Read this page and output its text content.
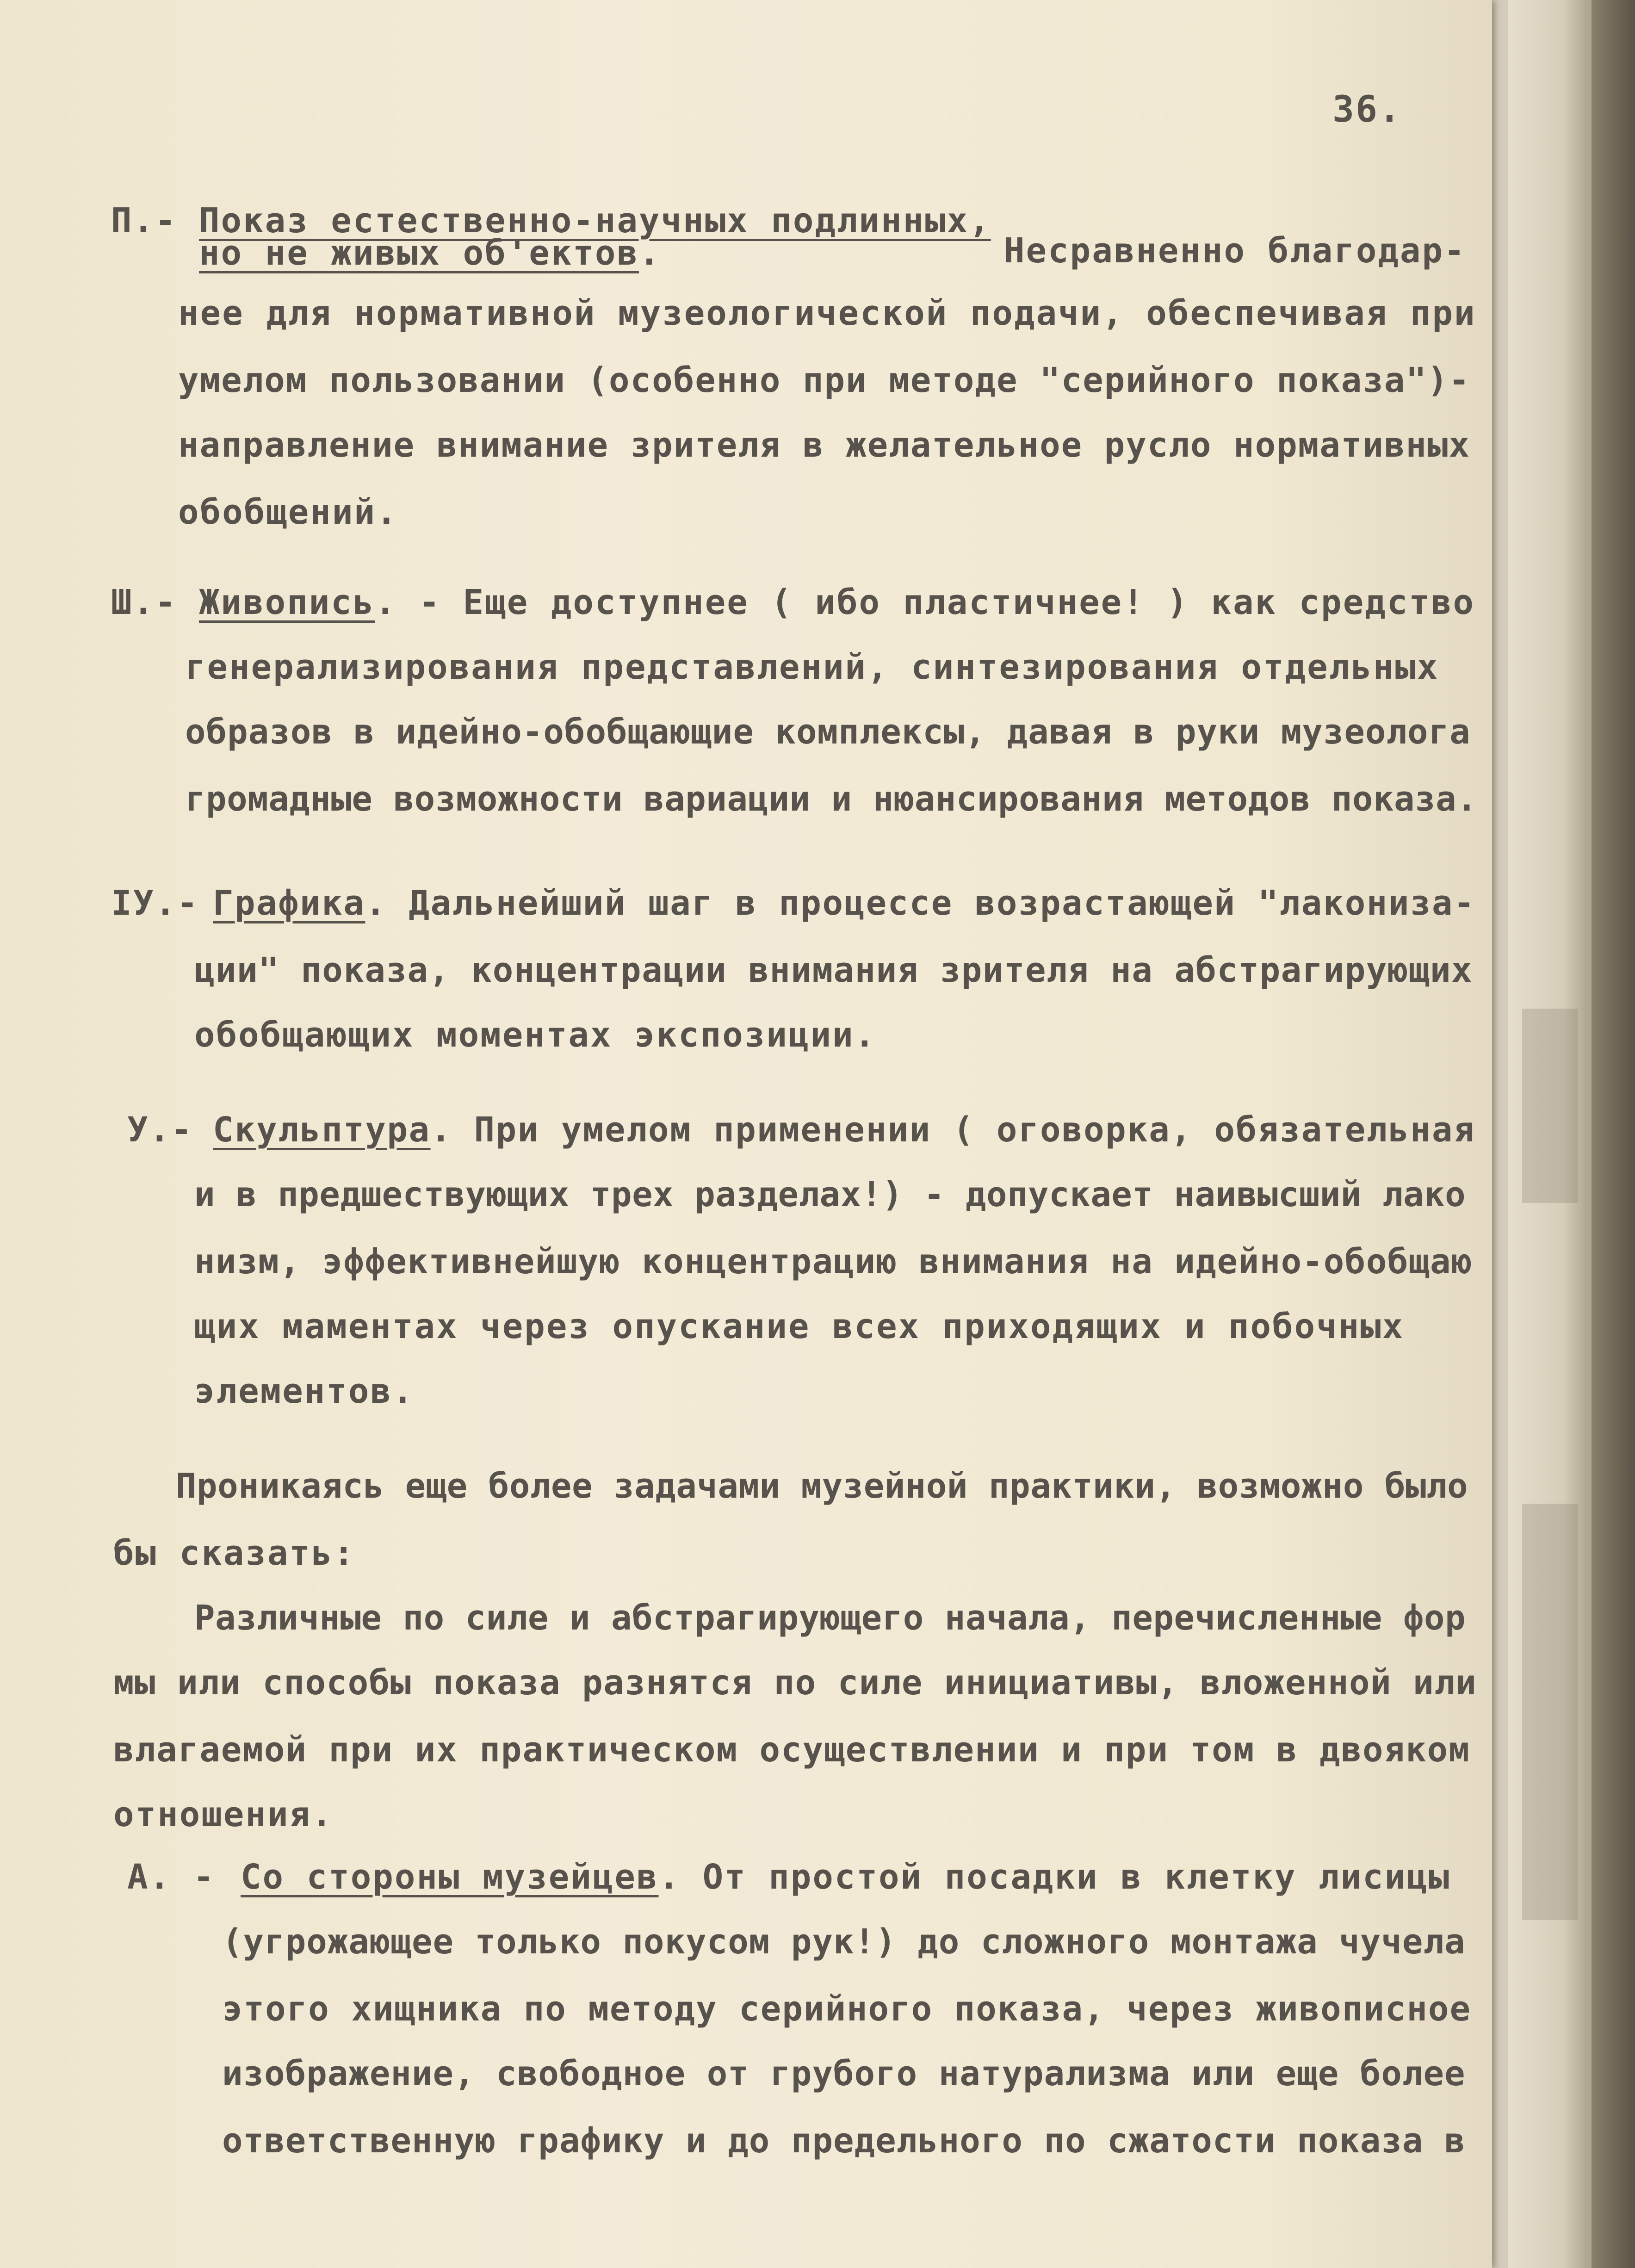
36.

П.- Показ естественно-научных подлинных,

но не живых об'ектов.	Несравненно благодар-

нее для нормативной музеологической подачи, обеспечивая при

умелом пользовании (особенно при методе "серийного показа")-

направление внимание зрителя в желательное русло нормативных

обобщений.

Ш.- Живопись. - Еще доступнее ( ибо пластичнее! ) как средство

генерализирования представлений, синтезирования отдельных

образов в идейно-обобщающие комплексы, давая в руки музеолога

громадные возможности вариации и нюансирования методов показа.

IУ.- Графика. Дальнейший шаг в процессе возрастающей "лакониза-

ции" показа, концентрации внимания зрителя на абстрагирующих

обобщающих моментах экспозиции.

У.- Скульптура. При умелом применении ( оговорка, обязательная

и в предшествующих трех разделах!) - допускает наивысший лако

низм, эффективнейшую концентрацию внимания на идейно-обобщаю

щих маментах через опускание всех приходящих и побочных

элементов.

Проникаясь еще более задачами музейной практики, возможно было

бы сказать:

Различные по силе и абстрагирующего начала, перечисленные фор

мы или способы показа разнятся по силе инициативы, вложенной или

влагаемой при их практическом осуществлении и при том в двояком

отношения.

А. - Со стороны музейцев. От простой посадки в клетку лисицы

(угрожающее только покусом рук!) до сложного монтажа чучела

этого хищника по методу серийного показа, через живописное

изображение, свободное от грубого натурализма или еще более

ответственную графику и до предельного по сжатости показа в
